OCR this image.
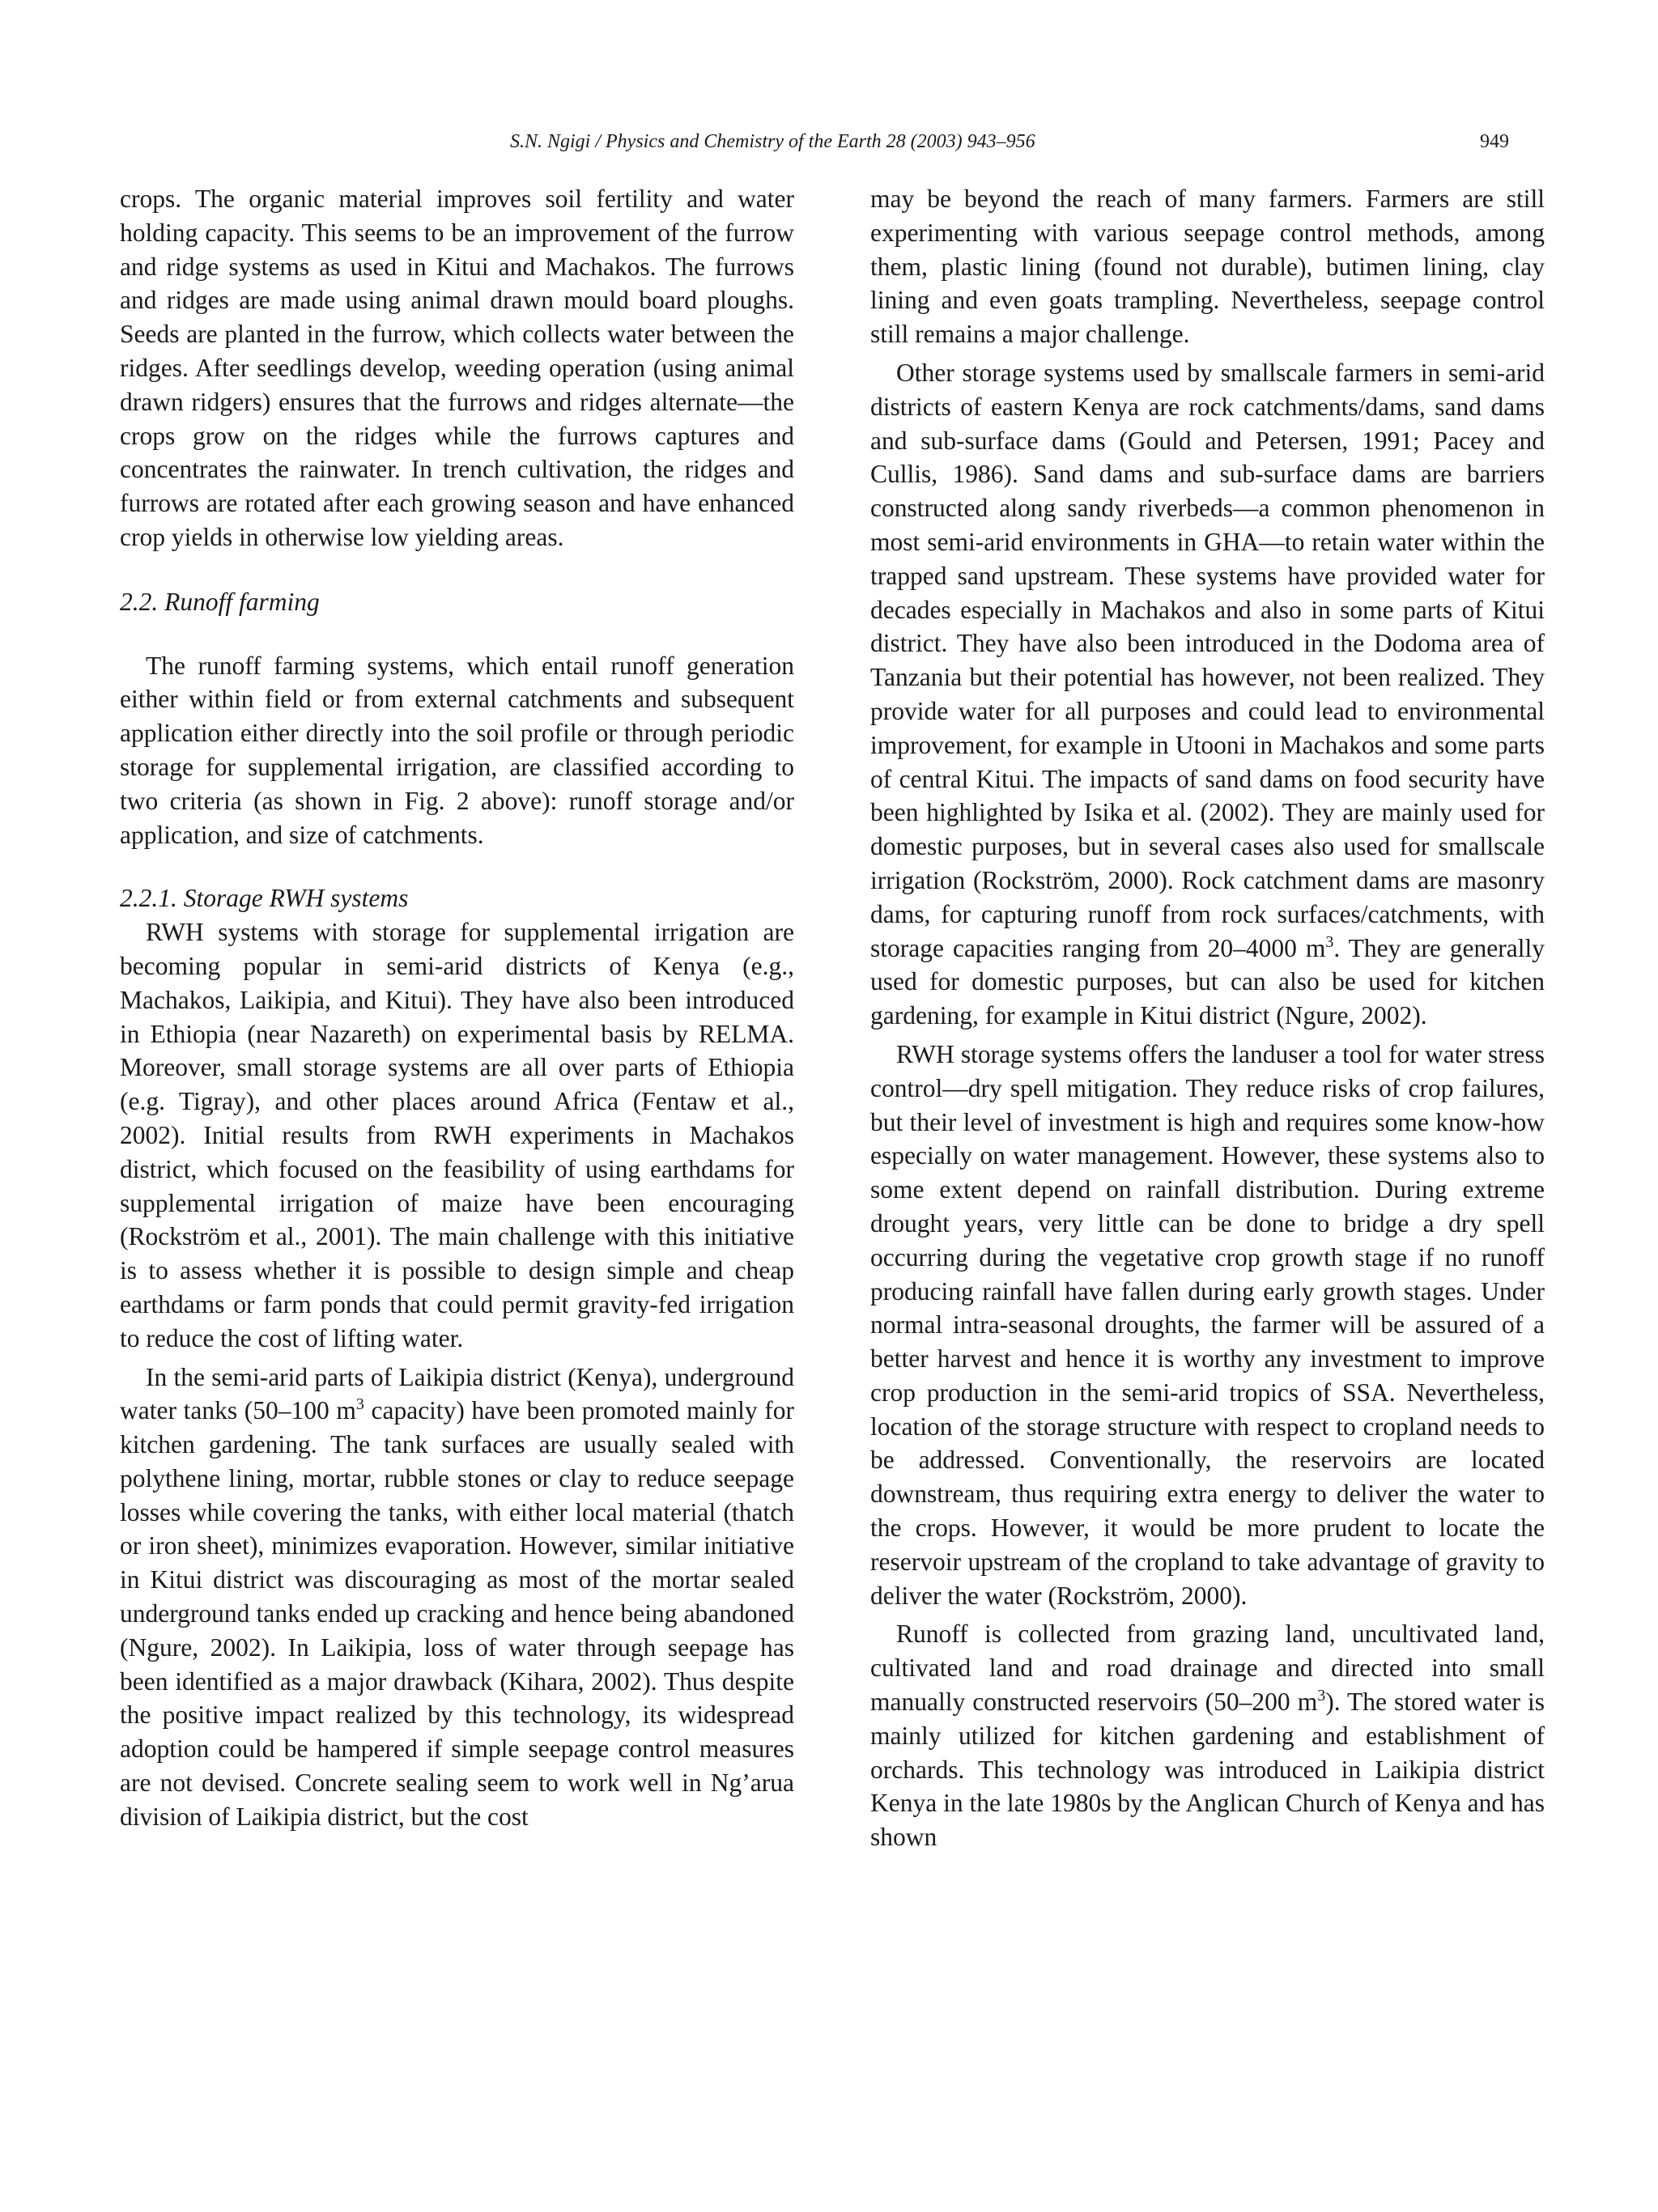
S.N. Ngigi / Physics and Chemistry of the Earth 28 (2003) 943–956	949

crops. The organic material improves soil fertility and water holding capacity. This seems to be an improvement of the furrow and ridge systems as used in Kitui and Machakos. The furrows and ridges are made using animal drawn mould board ploughs. Seeds are planted in the furrow, which collects water between the ridges. After seedlings develop, weeding operation (using animal drawn ridgers) ensures that the furrows and ridges alternate—the crops grow on the ridges while the furrows captures and concentrates the rainwater. In trench cultivation, the ridges and furrows are rotated after each growing season and have enhanced crop yields in otherwise low yielding areas.

2.2. Runoff farming

The runoff farming systems, which entail runoff generation either within field or from external catchments and subsequent application either directly into the soil profile or through periodic storage for supplemental irrigation, are classified according to two criteria (as shown in Fig. 2 above): runoff storage and/or application, and size of catchments.

2.2.1. Storage RWH systems

RWH systems with storage for supplemental irrigation are becoming popular in semi-arid districts of Kenya (e.g., Machakos, Laikipia, and Kitui). They have also been introduced in Ethiopia (near Nazareth) on experimental basis by RELMA. Moreover, small storage systems are all over parts of Ethiopia (e.g. Tigray), and other places around Africa (Fentaw et al., 2002). Initial results from RWH experiments in Machakos district, which focused on the feasibility of using earthdams for supplemental irrigation of maize have been encouraging (Rockström et al., 2001). The main challenge with this initiative is to assess whether it is possible to design simple and cheap earthdams or farm ponds that could permit gravity-fed irrigation to reduce the cost of lifting water.

In the semi-arid parts of Laikipia district (Kenya), underground water tanks (50–100 $m^3$ capacity) have been promoted mainly for kitchen gardening. The tank surfaces are usually sealed with polythene lining, mortar, rubble stones or clay to reduce seepage losses while covering the tanks, with either local material (thatch or iron sheet), minimizes evaporation. However, similar initiative in Kitui district was discouraging as most of the mortar sealed underground tanks ended up cracking and hence being abandoned (Ngure, 2002). In Laikipia, loss of water through seepage has been identified as a major drawback (Kihara, 2002). Thus despite the positive impact realized by this technology, its widespread adoption could be hampered if simple seepage control measures are not devised. Concrete sealing seem to work well in Ng’arua division of Laikipia district, but the cost

may be beyond the reach of many farmers. Farmers are still experimenting with various seepage control methods, among them, plastic lining (found not durable), butimen lining, clay lining and even goats trampling. Nevertheless, seepage control still remains a major challenge.

Other storage systems used by smallscale farmers in semi-arid districts of eastern Kenya are rock catchments/dams, sand dams and sub-surface dams (Gould and Petersen, 1991; Pacey and Cullis, 1986). Sand dams and sub-surface dams are barriers constructed along sandy riverbeds—a common phenomenon in most semi-arid environments in GHA—to retain water within the trapped sand upstream. These systems have provided water for decades especially in Machakos and also in some parts of Kitui district. They have also been introduced in the Dodoma area of Tanzania but their potential has however, not been realized. They provide water for all purposes and could lead to environmental improvement, for example in Utooni in Machakos and some parts of central Kitui. The impacts of sand dams on food security have been highlighted by Isika et al. (2002). They are mainly used for domestic purposes, but in several cases also used for smallscale irrigation (Rockström, 2000). Rock catchment dams are masonry dams, for capturing runoff from rock surfaces/catchments, with storage capacities ranging from 20–4000 $m^3$. They are generally used for domestic purposes, but can also be used for kitchen gardening, for example in Kitui district (Ngure, 2002).

RWH storage systems offers the landuser a tool for water stress control—dry spell mitigation. They reduce risks of crop failures, but their level of investment is high and requires some know-how especially on water management. However, these systems also to some extent depend on rainfall distribution. During extreme drought years, very little can be done to bridge a dry spell occurring during the vegetative crop growth stage if no runoff producing rainfall have fallen during early growth stages. Under normal intra-seasonal droughts, the farmer will be assured of a better harvest and hence it is worthy any investment to improve crop production in the semi-arid tropics of SSA. Nevertheless, location of the storage structure with respect to cropland needs to be addressed. Conventionally, the reservoirs are located downstream, thus requiring extra energy to deliver the water to the crops. However, it would be more prudent to locate the reservoir upstream of the cropland to take advantage of gravity to deliver the water (Rockström, 2000).

Runoff is collected from grazing land, uncultivated land, cultivated land and road drainage and directed into small manually constructed reservoirs (50–200 $m^3$). The stored water is mainly utilized for kitchen gardening and establishment of orchards. This technology was introduced in Laikipia district Kenya in the late 1980s by the Anglican Church of Kenya and has shown
